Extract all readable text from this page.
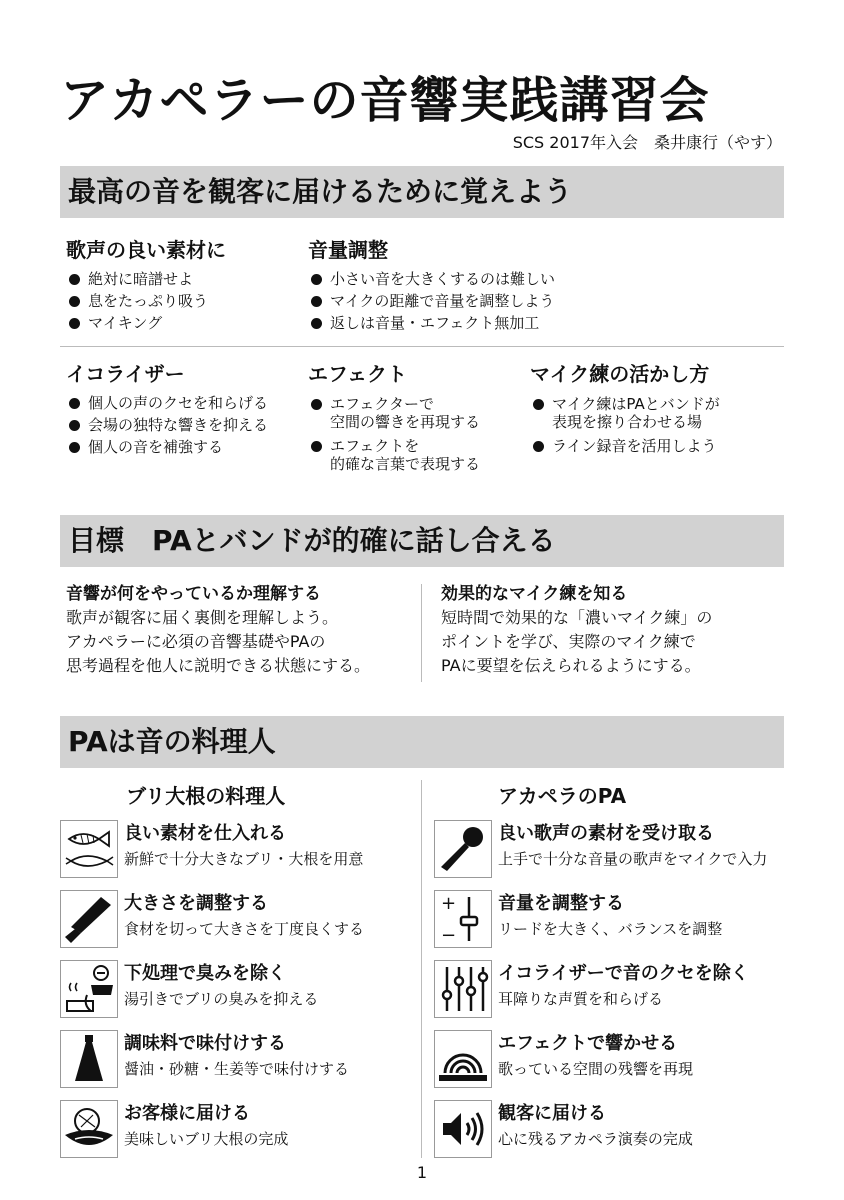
アカペラーの音響実践講習会
SCS 2017年入会　桑井康行（やす）
最高の音を観客に届けるために覚えよう
歌声の良い素材に
絶対に暗譜せよ
息をたっぷり吸う
マイキング
音量調整
小さい音を大きくするのは難しい
マイクの距離で音量を調整しよう
返しは音量・エフェクト無加工
イコライザー
個人の声のクセを和らげる
会場の独特な響きを抑える
個人の音を補強する
エフェクト
エフェクターで
空間の響きを再現する
エフェクトを
的確な言葉で表現する
マイク練の活かし方
マイク練はPAとバンドが
表現を擦り合わせる場
ライン録音を活用しよう
目標　PAとバンドが的確に話し合える
音響が何をやっているか理解する
歌声が観客に届く裏側を理解しよう。
アカペラーに必須の音響基礎やPAの
思考過程を他人に説明できる状態にする。
効果的なマイク練を知る
短時間で効果的な「濃いマイク練」の
ポイントを学び、実際のマイク練で
PAに要望を伝えられるようにする。
PAは音の料理人
ブリ大根の料理人	アカペラのPA
良い素材を仕入れる
新鮮で十分大きなブリ・大根を用意
大きさを調整する
食材を切って大きさを丁度良くする
下処理で臭みを除く
湯引きでブリの臭みを抑える
調味料で味付けする
醤油・砂糖・生姜等で味付けする
お客様に届ける
美味しいブリ大根の完成
良い歌声の素材を受け取る
上手で十分な音量の歌声をマイクで入力
+
−
音量を調整する
リードを大きく、バランスを調整
イコライザーで音のクセを除く
耳障りな声質を和らげる
エフェクトで響かせる
歌っている空間の残響を再現
観客に届ける
心に残るアカペラ演奏の完成
1
